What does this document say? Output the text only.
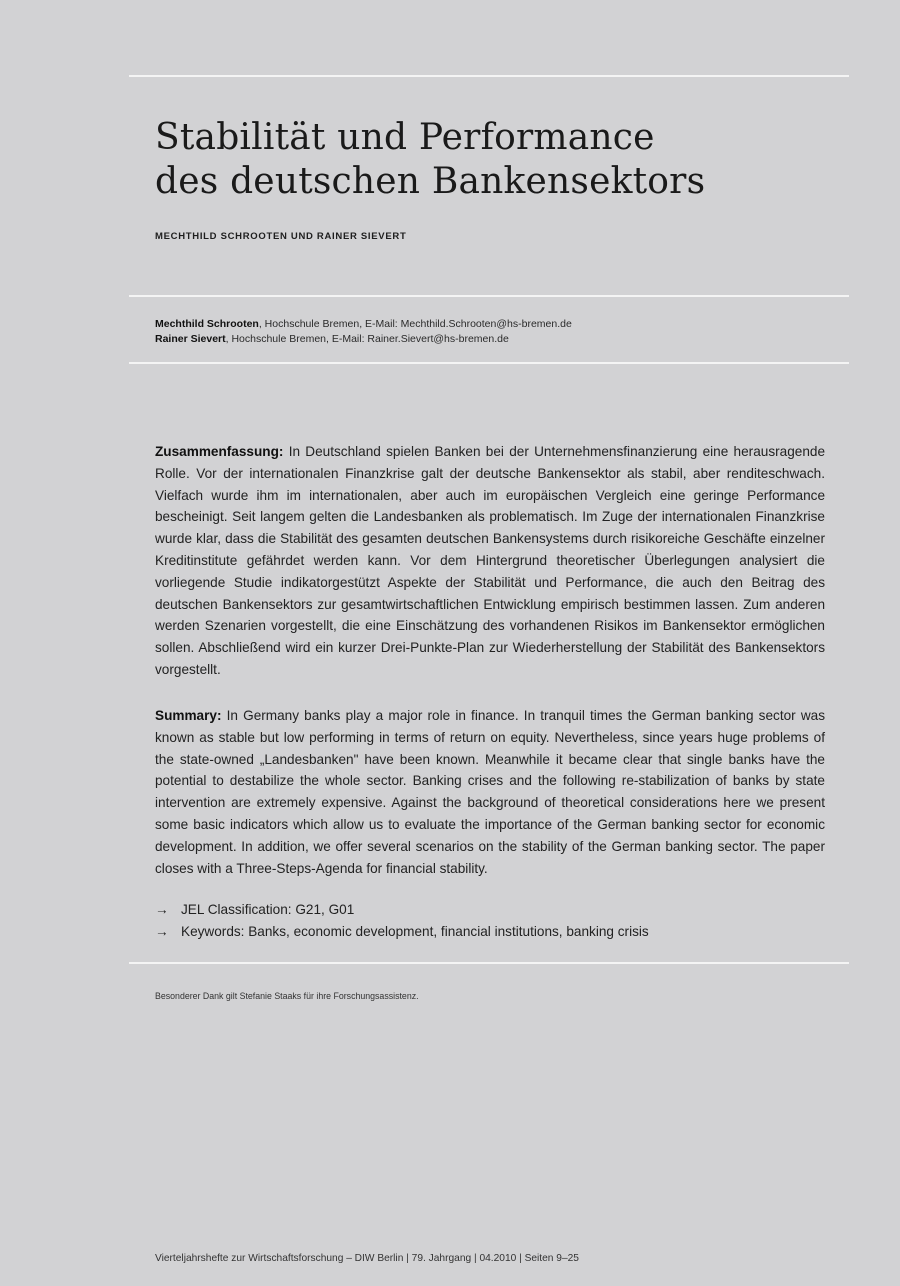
Stabilität und Performance
des deutschen Bankensektors
MECHTHILD SCHROOTEN UND RAINER SIEVERT
Mechthild Schrooten, Hochschule Bremen, E-Mail: Mechthild.Schrooten@hs-bremen.de
Rainer Sievert, Hochschule Bremen, E-Mail: Rainer.Sievert@hs-bremen.de

Zusammenfassung: In Deutschland spielen Banken bei der Unternehmensfinanzierung eine herausragende Rolle. Vor der internationalen Finanzkrise galt der deutsche Bankensektor als stabil, aber renditeschwach. Vielfach wurde ihm im internationalen, aber auch im europäischen Vergleich eine geringe Performance bescheinigt. Seit langem gelten die Landesbanken als problematisch. Im Zuge der internationalen Finanzkrise wurde klar, dass die Stabilität des gesamten deutschen Bankensystems durch risikoreiche Geschäfte einzelner Kreditinstitute gefährdet werden kann. Vor dem Hintergrund theoretischer Überlegungen analysiert die vorliegende Studie indikatorgestützt Aspekte der Stabilität und Performance, die auch den Beitrag des deutschen Bankensektors zur gesamtwirtschaftlichen Entwicklung empirisch bestimmen lassen. Zum anderen werden Szenarien vorgestellt, die eine Einschätzung des vorhandenen Risikos im Bankensektor ermöglichen sollen. Abschließend wird ein kurzer Drei-Punkte-Plan zur Wiederherstellung der Stabilität des Bankensektors vorgestellt.

Summary: In Germany banks play a major role in finance. In tranquil times the German banking sector was known as stable but low performing in terms of return on equity. Nevertheless, since years huge problems of the state-owned „Landesbanken" have been known. Meanwhile it became clear that single banks have the potential to destabilize the whole sector. Banking crises and the following re-stabilization of banks by state intervention are extremely expensive. Against the background of theoretical considerations here we present some basic indicators which allow us to evaluate the importance of the German banking sector for economic development. In addition, we offer several scenarios on the stability of the German banking sector. The paper closes with a Three-Steps-Agenda for financial stability.

→ JEL Classification: G21, G01
→ Keywords: Banks, economic development, financial institutions, banking crisis
Besonderer Dank gilt Stefanie Staaks für ihre Forschungsassistenz.
Vierteljahrshefte zur Wirtschaftsforschung – DIW Berlin | 79. Jahrgang | 04.2010 | Seiten 9–25
